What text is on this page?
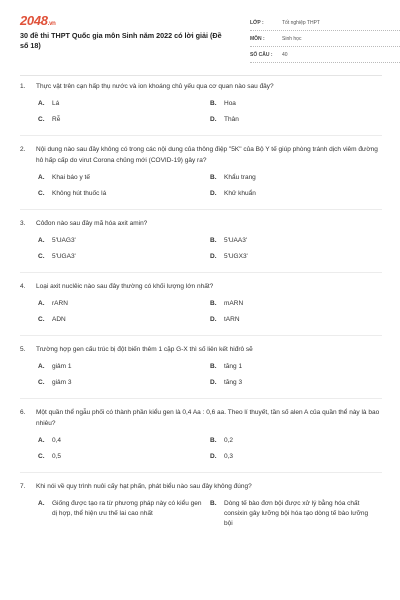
2048.vn
30 đề thi THPT Quốc gia môn Sinh năm 2022 có lời giải (Đề số 18)
LỚP :	Tốt nghiệp THPT
MÔN :	Sinh học
SỐ CÂU :	40
1.	Thực vật trên cạn hấp thụ nước và ion khoáng chủ yếu qua cơ quan nào sau đây?
A.	Lá	B.	Hoa
C.	Rễ	D.	Thân
2.	Nội dung nào sau đây không có trong các nội dung của thông điệp "5K" của Bộ Y tế giúp phòng tránh dịch viêm đường hô hấp cấp do virut Corona chủng mới (COVID-19) gây ra?
A.	Khai báo y tế	B.	Khẩu trang
C.	Không hút thuốc lá	D.	Khử khuẩn
3.	Côđon nào sau đây mã hóa axit amin?
A.	5'UAG3'	B.	5'UAA3'
C.	5'UGA3'	D.	5'UGX3'
4.	Loại axit nuclêic nào sau đây thường có khối lượng lớn nhất?
A.	rARN	B.	mARN
C.	ADN	D.	tARN
5.	Trường hợp gen cấu trúc bị đột biến thêm 1 cặp G-X thì số liên kết hiđrô sẽ
A.	giảm 1	B.	tăng 1
C.	giảm 3	D.	tăng 3
6.	Một quần thể ngẫu phối có thành phần kiểu gen là 0,4 Aa : 0,6 aa. Theo lí thuyết, tần số alen A của quần thể này là bao nhiêu?
A.	0,4	B.	0,2
C.	0,5	D.	0,3
7.	Khi nói về quy trình nuôi cấy hạt phấn, phát biểu nào sau đây không đúng?
A.	Giống được tạo ra từ phương pháp này có kiểu gen dị hợp, thể hiện ưu thế lai cao nhất
B.	Dòng tế bào đơn bội được xử lý bằng hóa chất consixin gây lưỡng bội hóa tạo dòng tế bào lưỡng bội
